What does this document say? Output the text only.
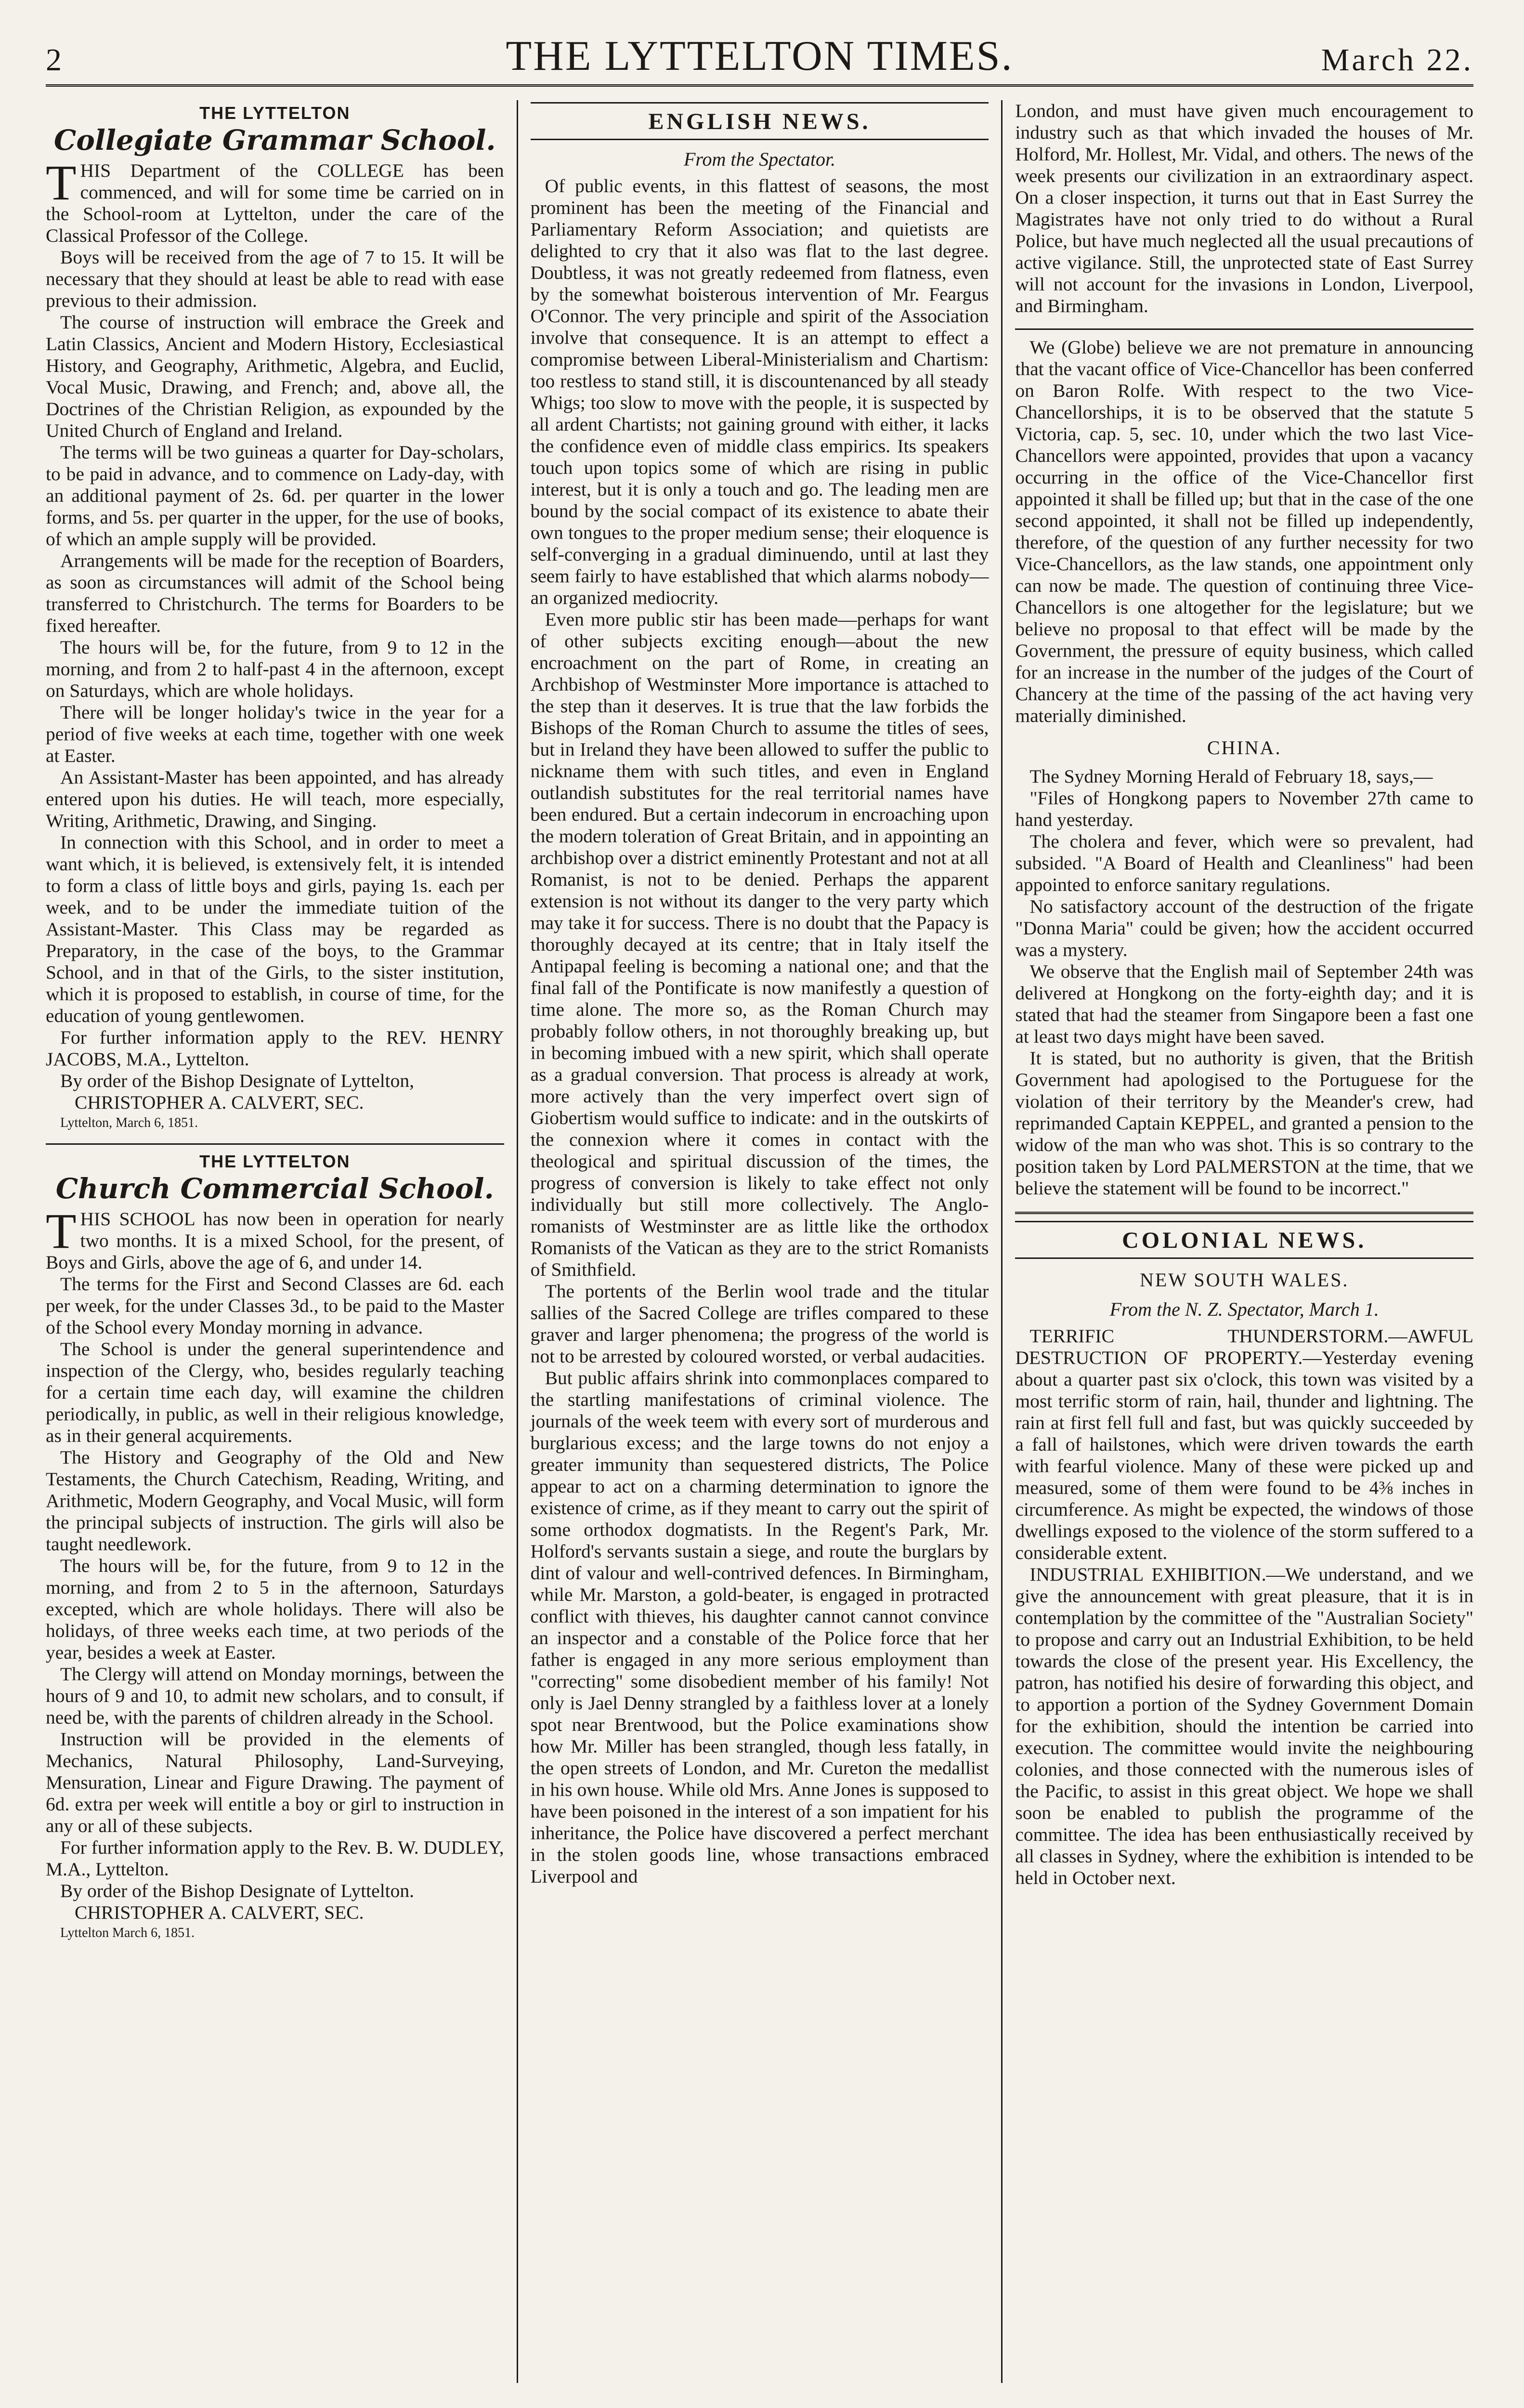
2	THE LYTTELTON TIMES.	March 22.
THE LYTTELTON
Collegiate Grammar School.

THIS Department of the COLLEGE has been commenced, and will for some time be carried on in the School-room at Lyttelton, under the care of the Classical Professor of the College.

Boys will be received from the age of 7 to 15. It will be necessary that they should at least be able to read with ease previous to their admission.

The course of instruction will embrace the Greek and Latin Classics, Ancient and Modern History, Ecclesiastical History, and Geography, Arithmetic, Algebra, and Euclid, Vocal Music, Drawing, and French; and, above all, the Doctrines of the Christian Religion, as expounded by the United Church of England and Ireland.

The terms will be two guineas a quarter for Day-scholars, to be paid in advance, and to commence on Lady-day, with an additional payment of 2s. 6d. per quarter in the lower forms, and 5s. per quarter in the upper, for the use of books, of which an ample supply will be provided.

Arrangements will be made for the reception of Boarders, as soon as circumstances will admit of the School being transferred to Christchurch. The terms for Boarders to be fixed hereafter.

The hours will be, for the future, from 9 to 12 in the morning, and from 2 to half-past 4 in the afternoon, except on Saturdays, which are whole holidays.

There will be longer holiday's twice in the year for a period of five weeks at each time, together with one week at Easter.

An Assistant-Master has been appointed, and has already entered upon his duties. He will teach, more especially, Writing, Arithmetic, Drawing, and Singing.

In connection with this School, and in order to meet a want which, it is believed, is extensively felt, it is intended to form a class of little boys and girls, paying 1s. each per week, and to be under the immediate tuition of the Assistant-Master. This Class may be regarded as Preparatory, in the case of the boys, to the Grammar School, and in that of the Girls, to the sister institution, which it is proposed to establish, in course of time, for the education of young gentlewomen.

For further information apply to the REV. HENRY JACOBS, M.A., Lyttelton.

By order of the Bishop Designate of Lyttelton,

CHRISTOPHER A. CALVERT, SEC.

Lyttelton, March 6, 1851.
THE LYTTELTON
Church Commercial School.

THIS SCHOOL has now been in operation for nearly two months. It is a mixed School, for the present, of Boys and Girls, above the age of 6, and under 14.

The terms for the First and Second Classes are 6d. each per week, for the under Classes 3d., to be paid to the Master of the School every Monday morning in advance.

The School is under the general superintendence and inspection of the Clergy, who, besides regularly teaching for a certain time each day, will examine the children periodically, in public, as well in their religious knowledge, as in their general acquirements.

The History and Geography of the Old and New Testaments, the Church Catechism, Reading, Writing, and Arithmetic, Modern Geography, and Vocal Music, will form the principal subjects of instruction. The girls will also be taught needlework.

The hours will be, for the future, from 9 to 12 in the morning, and from 2 to 5 in the afternoon, Saturdays excepted, which are whole holidays. There will also be holidays, of three weeks each time, at two periods of the year, besides a week at Easter.

The Clergy will attend on Monday mornings, between the hours of 9 and 10, to admit new scholars, and to consult, if need be, with the parents of children already in the School.

Instruction will be provided in the elements of Mechanics, Natural Philosophy, Land-Surveying, Mensuration, Linear and Figure Drawing. The payment of 6d. extra per week will entitle a boy or girl to instruction in any or all of these subjects.

For further information apply to the Rev. B. W. DUDLEY, M.A., Lyttelton.

By order of the Bishop Designate of Lyttelton.

CHRISTOPHER A. CALVERT, SEC.

Lyttelton March 6, 1851.
ENGLISH NEWS.
From the Spectator.

Of public events, in this flattest of seasons, the most prominent has been the meeting of the Financial and Parliamentary Reform Association; and quietists are delighted to cry that it also was flat to the last degree. Doubtless, it was not greatly redeemed from flatness, even by the somewhat boisterous intervention of Mr. Feargus O'Connor. The very principle and spirit of the Association involve that consequence. It is an attempt to effect a compromise between Liberal-Ministerialism and Chartism: too restless to stand still, it is discountenanced by all steady Whigs; too slow to move with the people, it is suspected by all ardent Chartists; not gaining ground with either, it lacks the confidence even of middle class empirics. Its speakers touch upon topics some of which are rising in public interest, but it is only a touch and go. The leading men are bound by the social compact of its existence to abate their own tongues to the proper medium sense; their eloquence is self-converging in a gradual diminuendo, until at last they seem fairly to have established that which alarms nobody—an organized mediocrity.

Even more public stir has been made—perhaps for want of other subjects exciting enough—about the new encroachment on the part of Rome, in creating an Archbishop of Westminster More importance is attached to the step than it deserves. It is true that the law forbids the Bishops of the Roman Church to assume the titles of sees, but in Ireland they have been allowed to suffer the public to nickname them with such titles, and even in England outlandish substitutes for the real territorial names have been endured. But a certain indecorum in encroaching upon the modern toleration of Great Britain, and in appointing an archbishop over a district eminently Protestant and not at all Romanist, is not to be denied. Perhaps the apparent extension is not without its danger to the very party which may take it for success. There is no doubt that the Papacy is thoroughly decayed at its centre; that in Italy itself the Antipapal feeling is becoming a national one; and that the final fall of the Pontificate is now manifestly a question of time alone. The more so, as the Roman Church may probably follow others, in not thoroughly breaking up, but in becoming imbued with a new spirit, which shall operate as a gradual conversion. That process is already at work, more actively than the very imperfect overt sign of Giobertism would suffice to indicate: and in the outskirts of the connexion where it comes in contact with the theological and spiritual discussion of the times, the progress of conversion is likely to take effect not only individually but still more collectively. The Anglo-romanists of Westminster are as little like the orthodox Romanists of the Vatican as they are to the strict Romanists of Smithfield.

The portents of the Berlin wool trade and the titular sallies of the Sacred College are trifles compared to these graver and larger phenomena; the progress of the world is not to be arrested by coloured worsted, or verbal audacities.

But public affairs shrink into commonplaces compared to the startling manifestations of criminal violence. The journals of the week teem with every sort of murderous and burglarious excess; and the large towns do not enjoy a greater immunity than sequestered districts, The Police appear to act on a charming determination to ignore the existence of crime, as if they meant to carry out the spirit of some orthodox dogmatists. In the Regent's Park, Mr. Holford's servants sustain a siege, and route the burglars by dint of valour and well-contrived defences. In Birmingham, while Mr. Marston, a gold-beater, is engaged in protracted conflict with thieves, his daughter cannot cannot convince an inspector and a constable of the Police force that her father is engaged in any more serious employment than "correcting" some disobedient member of his family! Not only is Jael Denny strangled by a faithless lover at a lonely spot near Brentwood, but the Police examinations show how Mr. Miller has been strangled, though less fatally, in the open streets of London, and Mr. Cureton the medallist in his own house. While old Mrs. Anne Jones is supposed to have been poisoned in the interest of a son impatient for his inheritance, the Police have discovered a perfect merchant in the stolen goods line, whose transactions embraced Liverpool and

London, and must have given much encouragement to industry such as that which invaded the houses of Mr. Holford, Mr. Hollest, Mr. Vidal, and others. The news of the week presents our civilization in an extraordinary aspect. On a closer inspection, it turns out that in East Surrey the Magistrates have not only tried to do without a Rural Police, but have much neglected all the usual precautions of active vigilance. Still, the unprotected state of East Surrey will not account for the invasions in London, Liverpool, and Birmingham.

We (Globe) believe we are not premature in announcing that the vacant office of Vice-Chancellor has been conferred on Baron Rolfe. With respect to the two Vice-Chancellorships, it is to be observed that the statute 5 Victoria, cap. 5, sec. 10, under which the two last Vice-Chancellors were appointed, provides that upon a vacancy occurring in the office of the Vice-Chancellor first appointed it shall be filled up; but that in the case of the one second appointed, it shall not be filled up independently, therefore, of the question of any further necessity for two Vice-Chancellors, as the law stands, one appointment only can now be made. The question of continuing three Vice-Chancellors is one altogether for the legislature; but we believe no proposal to that effect will be made by the Government, the pressure of equity business, which called for an increase in the number of the judges of the Court of Chancery at the time of the passing of the act having very materially diminished.

CHINA.

The Sydney Morning Herald of February 18, says,—

"Files of Hongkong papers to November 27th came to hand yesterday.

The cholera and fever, which were so prevalent, had subsided. "A Board of Health and Cleanliness" had been appointed to enforce sanitary regulations.

No satisfactory account of the destruction of the frigate "Donna Maria" could be given; how the accident occurred was a mystery.

We observe that the English mail of September 24th was delivered at Hongkong on the forty-eighth day; and it is stated that had the steamer from Singapore been a fast one at least two days might have been saved.

It is stated, but no authority is given, that the British Government had apologised to the Portuguese for the violation of their territory by the Meander's crew, had reprimanded Captain KEPPEL, and granted a pension to the widow of the man who was shot. This is so contrary to the position taken by Lord PALMERSTON at the time, that we believe the statement will be found to be incorrect."

COLONIAL NEWS.
NEW SOUTH WALES.
From the N. Z. Spectator, March 1.

TERRIFIC THUNDERSTORM.—AWFUL DESTRUCTION OF PROPERTY.—Yesterday evening about a quarter past six o'clock, this town was visited by a most terrific storm of rain, hail, thunder and lightning. The rain at first fell full and fast, but was quickly succeeded by a fall of hailstones, which were driven towards the earth with fearful violence. Many of these were picked up and measured, some of them were found to be 4⅜ inches in circumference. As might be expected, the windows of those dwellings exposed to the violence of the storm suffered to a considerable extent.

INDUSTRIAL EXHIBITION.—We understand, and we give the announcement with great pleasure, that it is in contemplation by the committee of the "Australian Society" to propose and carry out an Industrial Exhibition, to be held towards the close of the present year. His Excellency, the patron, has notified his desire of forwarding this object, and to apportion a portion of the Sydney Government Domain for the exhibition, should the intention be carried into execution. The committee would invite the neighbouring colonies, and those connected with the numerous isles of the Pacific, to assist in this great object. We hope we shall soon be enabled to publish the programme of the committee. The idea has been enthusiastically received by all classes in Sydney, where the exhibition is intended to be held in October next.
